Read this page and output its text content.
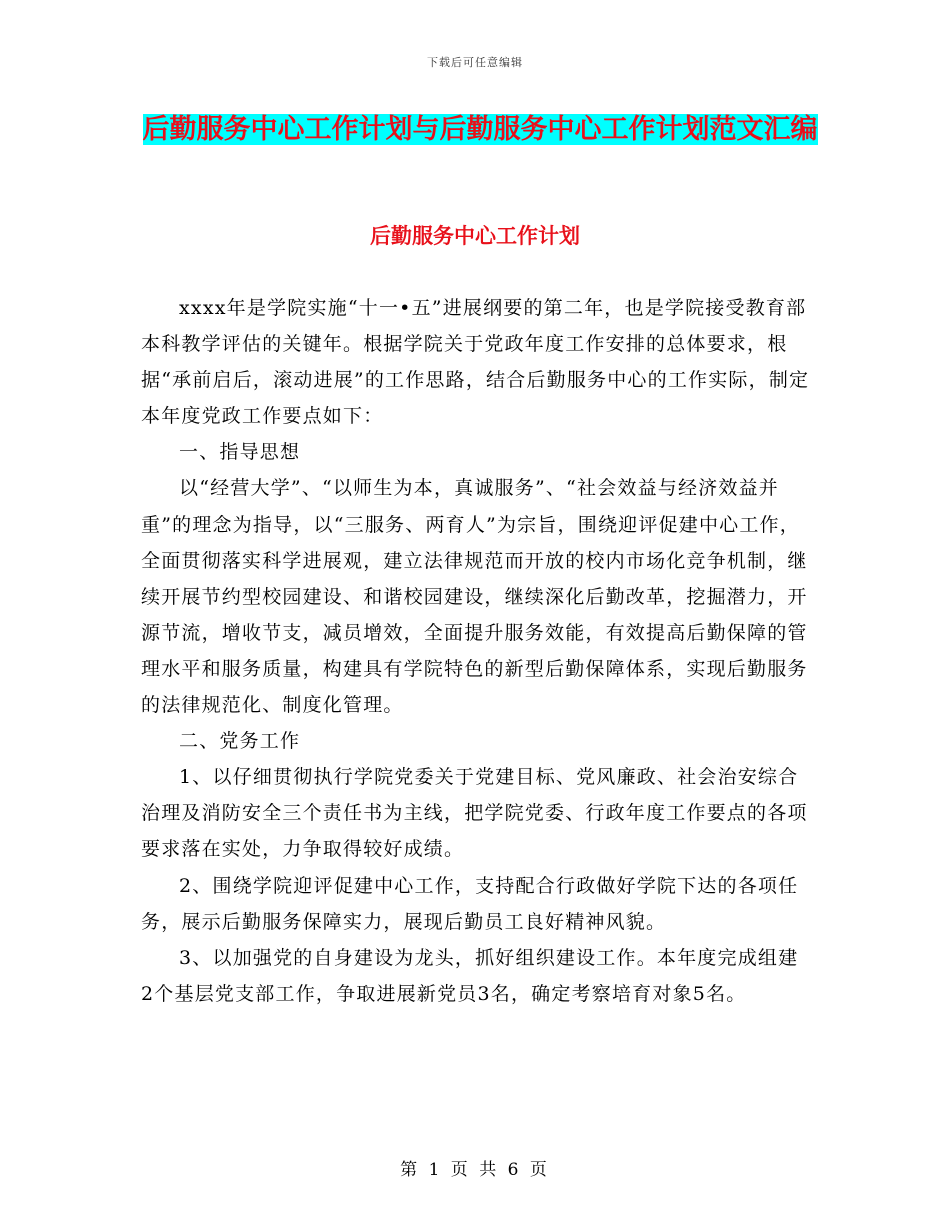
下载后可任意编辑
后勤服务中心工作计划与后勤服务中心工作计划范文汇编
后勤服务中心工作计划

xxxx年是学院实施“十一•五”进展纲要的第二年，也是学院接受教育部本科教学评估的关键年。根据学院关于党政年度工作安排的总体要求，根据“承前启后，滚动进展”的工作思路，结合后勤服务中心的工作实际，制定本年度党政工作要点如下：

一、指导思想

以“经营大学”、“以师生为本，真诚服务”、“社会效益与经济效益并重”的理念为指导，以“三服务、两育人”为宗旨，围绕迎评促建中心工作，全面贯彻落实科学进展观，建立法律规范而开放的校内市场化竞争机制，继续开展节约型校园建设、和谐校园建设，继续深化后勤改革，挖掘潜力，开源节流，增收节支，减员增效，全面提升服务效能，有效提高后勤保障的管理水平和服务质量，构建具有学院特色的新型后勤保障体系，实现后勤服务的法律规范化、制度化管理。

二、党务工作

1、以仔细贯彻执行学院党委关于党建目标、党风廉政、社会治安综合治理及消防安全三个责任书为主线，把学院党委、行政年度工作要点的各项要求落在实处，力争取得较好成绩。

2、围绕学院迎评促建中心工作，支持配合行政做好学院下达的各项任务，展示后勤服务保障实力，展现后勤员工良好精神风貌。

3、以加强党的自身建设为龙头，抓好组织建设工作。本年度完成组建2个基层党支部工作，争取进展新党员3名，确定考察培育对象5名。

第 1 页 共 6 页
